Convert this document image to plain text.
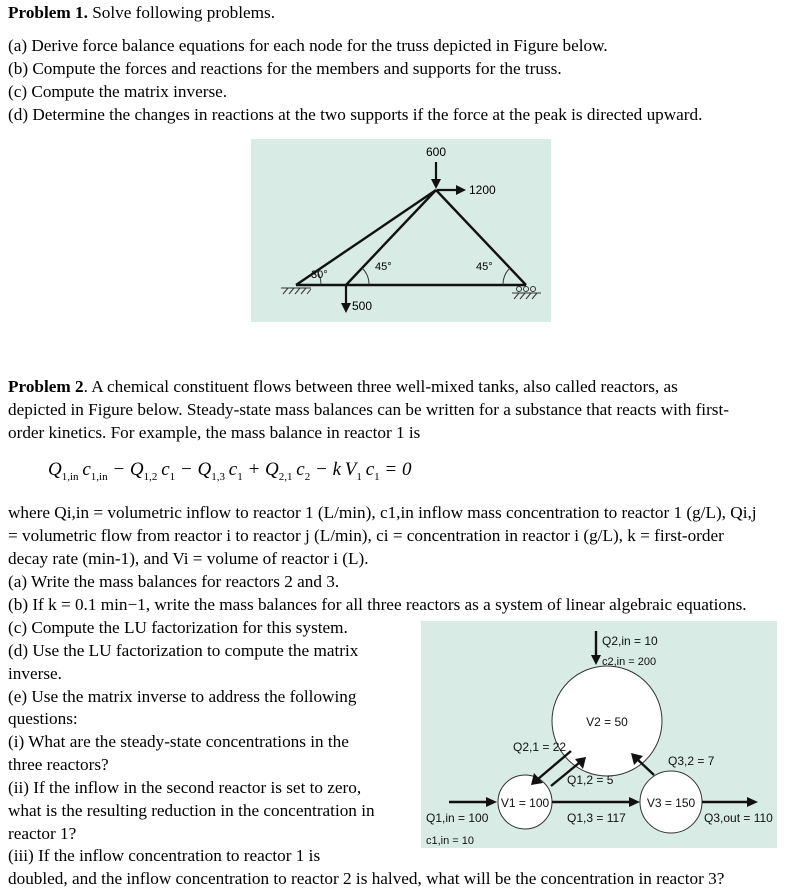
Problem 1. Solve following problems.
(a) Derive force balance equations for each node for the truss depicted in Figure below.
(b) Compute the forces and reactions for the members and supports for the truss.
(c) Compute the matrix inverse.
(d) Determine the changes in reactions at the two supports if the force at the peak is directed upward.
600
1200
500
30°
45°	45°
Problem 2. A chemical constituent flows between three well-mixed tanks, also called reactors, as
depicted in Figure below. Steady-state mass balances can be written for a substance that reacts with first-
order kinetics. For example, the mass balance in reactor 1 is
$Q_{1,in}$ $c_{1,in} - Q_{1,2}$ $c_1 - Q_{1,3}$ $c_1 + Q_{2,1}$ $c_2 - k$ $V_1$ $c_1 = 0$
where Qi,in = volumetric inflow to reactor 1 (L/min), c1,in inflow mass concentration to reactor 1 (g/L), Qi,j
= volumetric flow from reactor i to reactor j (L/min), ci = concentration in reactor i (g/L), k = first-order
decay rate (min-1), and Vi = volume of reactor i (L).
(a) Write the mass balances for reactors 2 and 3.
(b) If k = 0.1 min−1, write the mass balances for all three reactors as a system of linear algebraic equations.
(c) Compute the LU factorization for this system.
(d) Use the LU factorization to compute the matrix
inverse.
(e) Use the matrix inverse to address the following
questions:
(i) What are the steady-state concentrations in the
three reactors?
(ii) If the inflow in the second reactor is set to zero,
what is the resulting reduction in the concentration in
reactor 1?
(iii) If the inflow concentration to reactor 1 is
doubled, and the inflow concentration to reactor 2 is halved, what will be the concentration in reactor 3?
Q2,in = 10
c2,in = 200
V2 = 50
Q2,1 = 22
Q3,2 = 7
Q1,2 = 5
V1 = 100	V3 = 150
Q1,in = 100	Q1,3 = 117	Q3,out = 110
c1,in = 10
